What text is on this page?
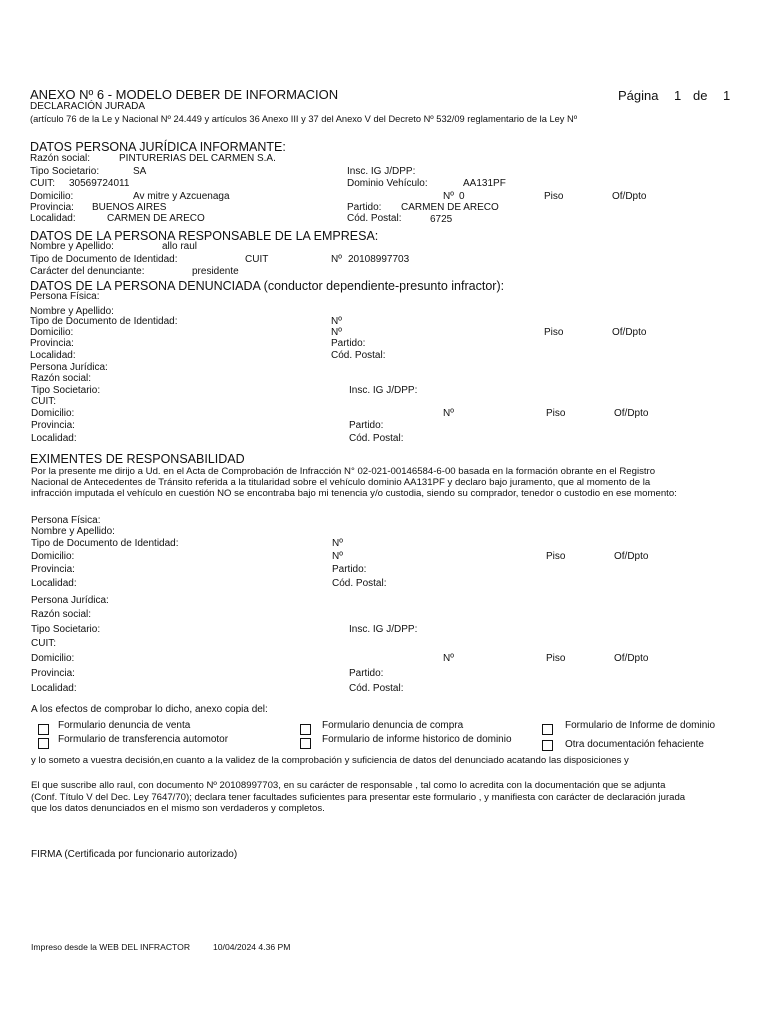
ANEXO Nº 6 - MODELO DEBER DE INFORMACION	Página 1 de 1
DECLARACIÓN JURADA
(artículo 76 de la Le y Nacional Nº 24.449 y artículos 36 Anexo III y 37 del Anexo V del Decreto Nº 532/09 reglamentario de la Ley Nº
DATOS PERSONA JURÍDICA INFORMANTE:
Razón social:	PINTURERIAS DEL CARMEN S.A.
Tipo Societario:	SA	Insc. IG J/DPP:
CUIT: 30569724011	Dominio Vehículo:	AA131PF
Domicilio:	Av mitre y Azcuenaga	Nº 0	Piso	Of/Dpto
Provincia: BUENOS AIRES	Partido: CARMEN DE ARECO
Localidad:	CARMEN DE ARECO	Cód. Postal:	6725
DATOS DE LA PERSONA RESPONSABLE DE LA EMPRESA:
Nombre y Apellido:	allo raul
Tipo de Documento de Identidad:	CUIT	Nº 20108997703
Carácter del denunciante:	presidente
DATOS DE LA PERSONA DENUNCIADA (conductor dependiente-presunto infractor):
Persona Física:
Nombre y Apellido:
Tipo de Documento de Identidad:	Nº
Domicilio:	Nº	Piso	Of/Dpto
Provincia:	Partido:
Localidad:	Cód. Postal:
Persona Jurídica:
Razón social:
Tipo Societario:	Insc. IG J/DPP:
CUIT:
Domicilio:	Nº	Piso	Of/Dpto
Provincia:	Partido:
Localidad:	Cód. Postal:
EXIMENTES DE RESPONSABILIDAD
Por la presente me dirijo a Ud. en el Acta de Comprobación de Infracción N° 02-021-00146584-6-00 basada en la formación obrante en el Registro
Nacional de Antecedentes de Tránsito referida a la titularidad sobre el vehículo dominio AA131PF y declaro bajo juramento, que al momento de la
infracción imputada el vehículo en cuestión NO se encontraba bajo mi tenencia y/o custodia, siendo su comprador, tenedor o custodio en ese momento:
Persona Física:
Nombre y Apellido:
Tipo de Documento de Identidad:	Nº
Domicilio:	Nº	Piso	Of/Dpto
Provincia:	Partido:
Localidad:	Cód. Postal:
Persona Jurídica:
Razón social:
Tipo Societario:	Insc. IG J/DPP:
CUIT:
Domicilio:	Nº	Piso	Of/Dpto
Provincia:	Partido:
Localidad:	Cód. Postal:
A los efectos de comprobar lo dicho, anexo copia del:
Formulario denuncia de venta	Formulario denuncia de compra	Formulario de Informe de dominio
Formulario de transferencia automotor	Formulario de informe historico de dominio	Otra documentación fehaciente
y lo someto a vuestra decisión,en cuanto a la validez de la comprobación y suficiencia de datos del denunciado acatando las disposiciones y
El que suscribe allo raul, con documento Nº 20108997703, en su carácter de responsable , tal como lo acredita con la documentación que se adjunta
(Conf. Título V del Dec. Ley 7647/70); declara tener facultades suficientes para presentar este formulario , y manifiesta con carácter de declaración jurada
que los datos denunciados en el mismo son verdaderos y completos.
FIRMA (Certificada por funcionario autorizado)
Impreso desde la WEB DEL INFRACTOR	10/04/2024 4.36 PM
